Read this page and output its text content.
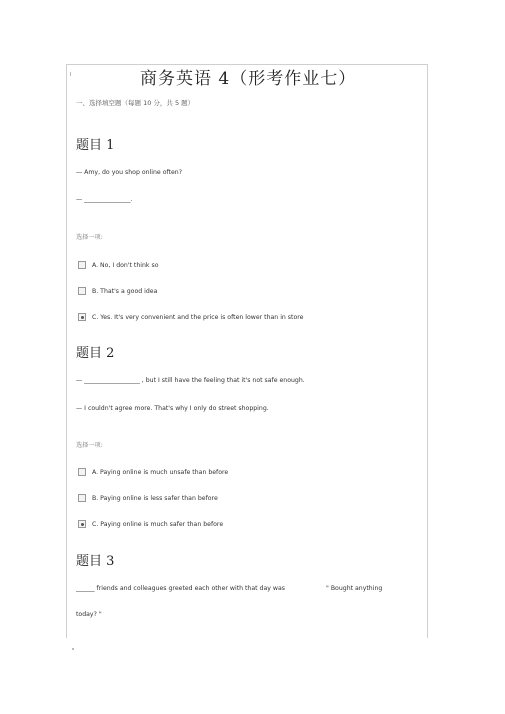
商务英语 4（形考作业七）
一、选择填空题（每题 10 分，共 5 题）
题目 1
— Amy, do you shop online often?
— _______________.
选择一项:
A. No, I don't think so
B. That's a good idea
C. Yes. It's very convenient and the price is often lower than in store
题目 2
— __________________ , but I still have the feeling that it's not safe enough.
— I couldn't agree more. That's why I only do street shopping.
选择一项:
A. Paying online is much unsafe than before
B. Paying online is less safer than before
C. Paying online is much safer than before
题目 3
______ friends and colleagues greeted each other with that day was	" Bought anything
today? "
